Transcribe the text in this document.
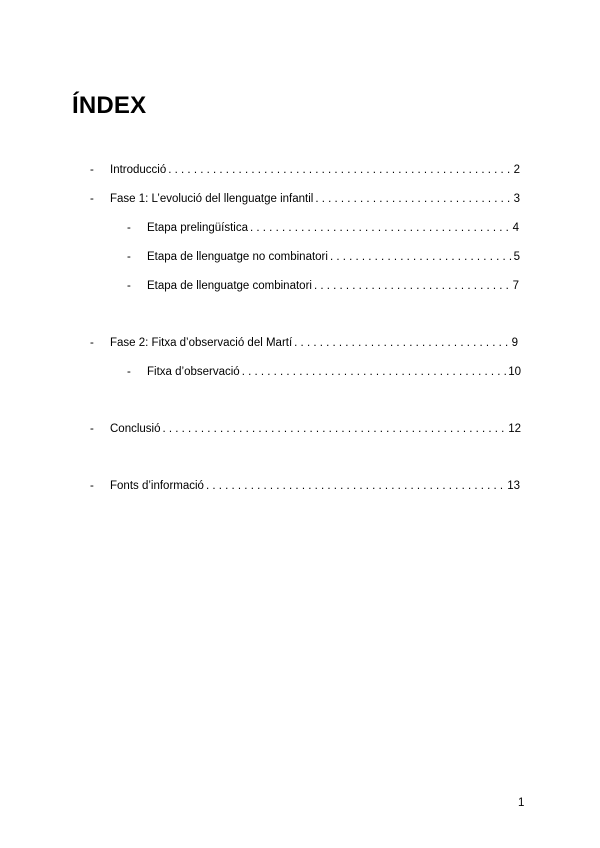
ÍNDEX
-	Introducció . . .	2
-	Fase 1: L’evolució del llenguatge infantil . . .	3
-	Etapa prelingüística . . .	4
-	Etapa de llenguatge no combinatori . . .	5
-	Etapa de llenguatge combinatori . . .	7
-	Fase 2: Fitxa d’observació del Martí . . .	9
-	Fitxa d’observació . . .	10
-	Conclusió . . .	12
-	Fonts d’informació . . .	13
1
